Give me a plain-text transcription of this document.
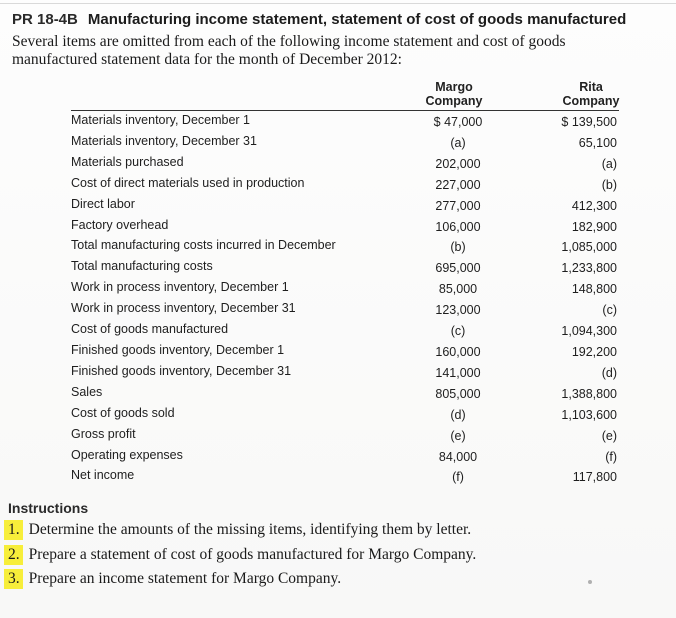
PR 18-4B Manufacturing income statement, statement of cost of goods manufactured
Several items are omitted from each of the following income statement and cost of goods
manufactured statement data for the month of December 2012:
Margo
Company
Rita
Company
Materials inventory, December 1	$ 47,000	$ 139,500
Materials inventory, December 31	(a)	65,100
Materials purchased	202,000	(a)
Cost of direct materials used in production	227,000	(b)
Direct labor	277,000	412,300
Factory overhead	106,000	182,900
Total manufacturing costs incurred in December	(b)	1,085,000
Total manufacturing costs	695,000	1,233,800
Work in process inventory, December 1	85,000	148,800
Work in process inventory, December 31	123,000	(c)
Cost of goods manufactured	(c)	1,094,300
Finished goods inventory, December 1	160,000	192,200
Finished goods inventory, December 31	141,000	(d)
Sales	805,000	1,388,800
Cost of goods sold	(d)	1,103,600
Gross profit	(e)	(e)
Operating expenses	84,000	(f)
Net income	(f)	117,800
Instructions
1. Determine the amounts of the missing items, identifying them by letter.
2. Prepare a statement of cost of goods manufactured for Margo Company.
3. Prepare an income statement for Margo Company.
